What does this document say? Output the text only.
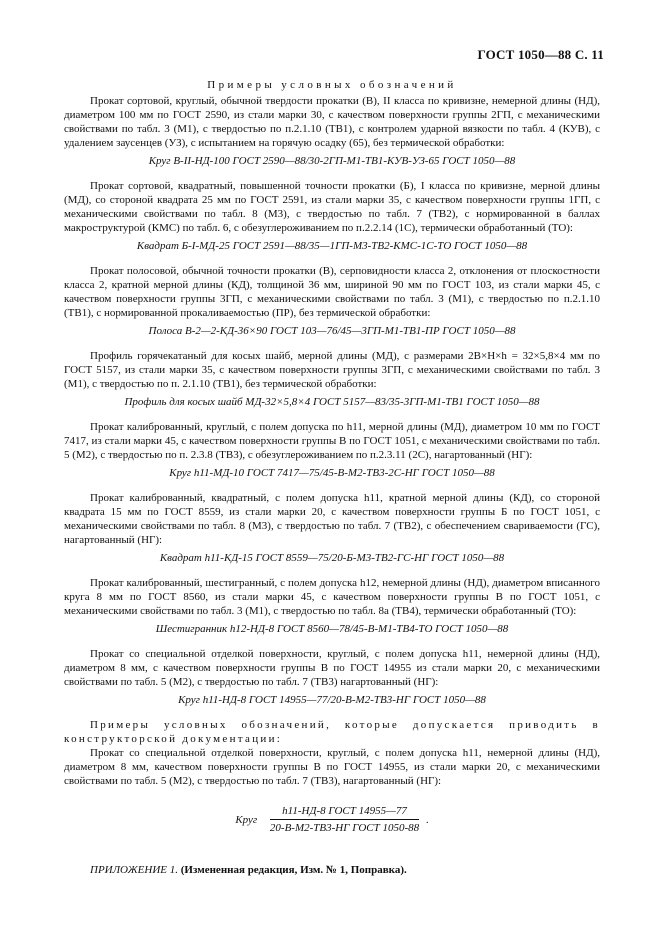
ГОСТ 1050—88 С. 11
Примеры условных обозначений

Прокат сортовой, круглый, обычной твердости прокатки (В), II класса по кривизне, немерной длины (НД), диаметром 100 мм по ГОСТ 2590, из стали марки 30, с качеством поверхности группы 2ГП, с механическими свойствами по табл. 3 (М1), с твердостью по п.2.1.10 (ТВ1), с контролем ударной вязкости по табл. 4 (КУВ), с удалением заусенцев (УЗ), с испытанием на горячую осадку (65), без термической обработки:

Круг В-II-НД-100 ГОСТ 2590—88/30-2ГП-М1-ТВ1-КУВ-УЗ-65 ГОСТ 1050—88

Прокат сортовой, квадратный, повышенной точности прокатки (Б), I класса по кривизне, мерной длины (МД), со стороной квадрата 25 мм по ГОСТ 2591, из стали марки 35, с качеством поверхности группы 1ГП, с механическими свойствами по табл. 8 (М3), с твердостью по табл. 7 (ТВ2), с нормированной в баллах макроструктурой (КМС) по табл. 6, с обезуглероживанием по п.2.2.14 (1С), термически обработанный (ТО):

Квадрат Б-I-МД-25 ГОСТ 2591—88/35—1ГП-М3-ТВ2-КМС-1С-ТО ГОСТ 1050—88

Прокат полосовой, обычной точности прокатки (В), серповидности класса 2, отклонения от плоскостности класса 2, кратной мерной длины (КД), толщиной 36 мм, шириной 90 мм по ГОСТ 103, из стали марки 45, с качеством поверхности группы 3ГП, с механическими свойствами по табл. 3 (М1), с твердостью по п.2.1.10 (ТВ1), с нормированной прокаливаемостью (ПР), без термической обработки:

Полоса В-2—2-КД-36×90 ГОСТ 103—76/45—3ГП-М1-ТВ1-ПР ГОСТ 1050—88

Профиль горячекатаный для косых шайб, мерной длины (МД), с размерами 2В×Н×h = 32×5,8×4 мм по ГОСТ 5157, из стали марки 35, с качеством поверхности группы 3ГП, с механическими свойствами по табл. 3 (М1), с твердостью по п. 2.1.10 (ТВ1), без термической обработки:

Профиль для косых шайб МД-32×5,8×4 ГОСТ 5157—83/35-3ГП-М1-ТВ1 ГОСТ 1050—88

Прокат калиброванный, круглый, с полем допуска по h11, мерной длины (МД), диаметром 10 мм по ГОСТ 7417, из стали марки 45, с качеством поверхности группы В по ГОСТ 1051, с механическими свойствами по табл. 5 (М2), с твердостью по п. 2.3.8 (ТВ3), с обезуглероживанием по п.2.3.11 (2С), нагартованный (НГ):

Круг h11-МД-10 ГОСТ 7417—75/45-В-М2-ТВ3-2С-НГ ГОСТ 1050—88

Прокат калиброванный, квадратный, с полем допуска h11, кратной мерной длины (КД), со стороной квадрата 15 мм по ГОСТ 8559, из стали марки 20, с качеством поверхности группы Б по ГОСТ 1051, с механическими свойствами по табл. 8 (М3), с твердостью по табл. 7 (ТВ2), с обеспечением свариваемости (ГС), нагартованный (НГ):

Квадрат h11-КД-15 ГОСТ 8559—75/20-Б-М3-ТВ2-ГС-НГ ГОСТ 1050—88

Прокат калиброванный, шестигранный, с полем допуска h12, немерной длины (НД), диаметром вписанного круга 8 мм по ГОСТ 8560, из стали марки 45, с качеством поверхности группы В по ГОСТ 1051, с механическими свойствами по табл. 3 (М1), с твердостью по табл. 8а (ТВ4), термически обработанный (ТО):

Шестигранник h12-НД-8 ГОСТ 8560—78/45-В-М1-ТВ4-ТО ГОСТ 1050—88

Прокат со специальной отделкой поверхности, круглый, с полем допуска h11, немерной длины (НД), диаметром 8 мм, с качеством поверхности группы В по ГОСТ 14955 из стали марки 20, с механическими свойствами по табл. 5 (М2), с твердостью по табл. 7 (ТВ3) нагартованный (НГ):

Круг h11-НД-8 ГОСТ 14955—77/20-В-М2-ТВ3-НГ ГОСТ 1050—88
Примеры условных обозначений, которые допускается приводить в конструкторской документации:

Прокат со специальной отделкой поверхности, круглый, с полем допуска h11, немерной длины (НД), диаметром 8 мм, качеством поверхности группы В по ГОСТ 14955, из стали марки 20, с механическими свойствами по табл. 5 (М2), с твердостью по табл. 7 (ТВ3), нагартованный (НГ):

Круг $\frac{\text{h11-НД-8 ГОСТ 14955—77}}{\text{20-В-М2-ТВ3-НГ ГОСТ 1050-88}}$ .

ПРИЛОЖЕНИЕ 1. (Измененная редакция, Изм. № 1, Поправка).
